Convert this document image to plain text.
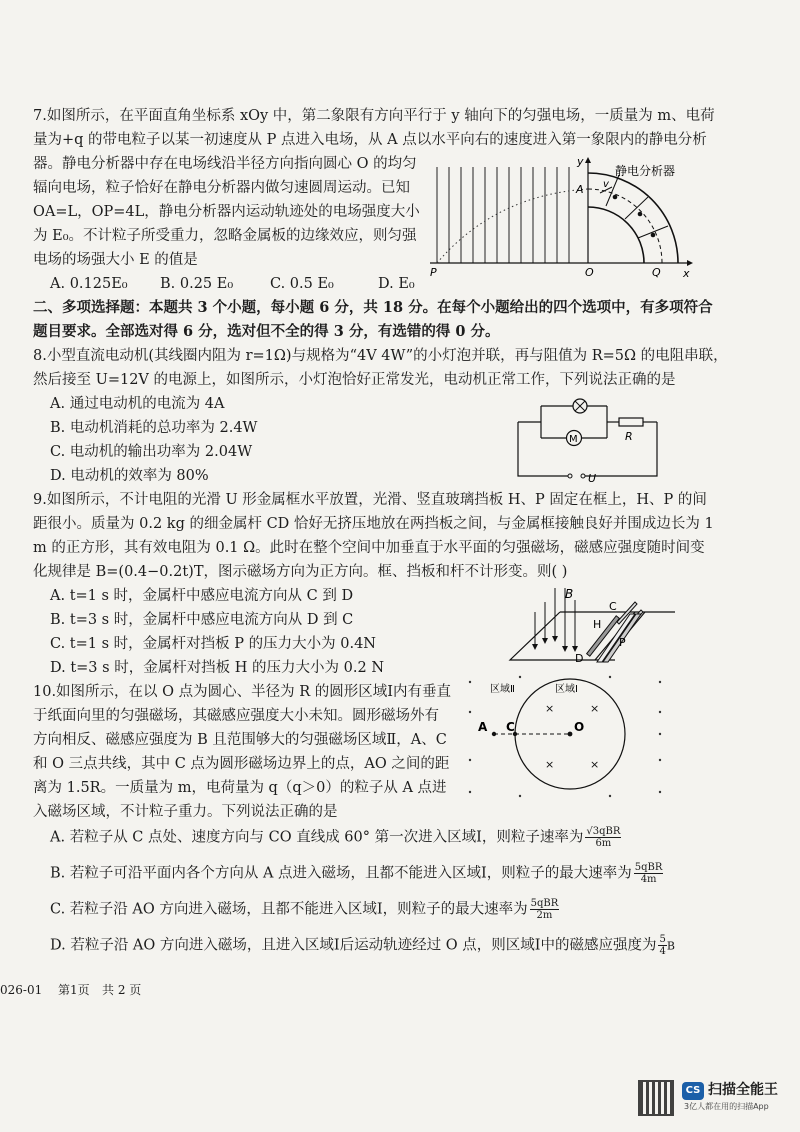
7.如图所示，在平面直角坐标系 xOy 中，第二象限有方向平行于 y 轴向下的匀强电场，一质量为 m、电荷
量为+q 的带电粒子以某一初速度从 P 点进入电场，从 A 点以水平向右的速度进入第一象限内的静电分析
器。静电分析器中存在电场线沿半径方向指向圆心 O 的均匀
辐向电场，粒子恰好在静电分析器内做匀速圆周运动。已知
OA=L，OP=4L，静电分析器内运动轨迹处的电场强度大小
为 E₀。不计粒子所受重力，忽略金属板的边缘效应，则匀强
电场的场强大小 E 的值是
A. 0.125E₀ B. 0.25 E₀	C. 0.5 E₀	D. E₀
v
静电分析器
y
A
x
P	O	Q
二、多项选择题：本题共 3 个小题，每小题 6 分，共 18 分。在每个小题给出的四个选项中，有多项符合
题目要求。全部选对得 6 分，选对但不全的得 3 分，有选错的得 0 分。
8.小型直流电动机(其线圈内阻为 r=1Ω)与规格为“4V 4W”的小灯泡并联，再与阻值为 R=5Ω 的电阻串联，
然后接至 U=12V 的电源上，如图所示，小灯泡恰好正常发光，电动机正常工作，下列说法正确的是
A. 通过电动机的电流为 4A
B. 电动机消耗的总功率为 2.4W
C. 电动机的输出功率为 2.04W
D. 电动机的效率为 80%
M	R
U
9.如图所示，不计电阻的光滑 U 形金属框水平放置，光滑、竖直玻璃挡板 H、P 固定在框上，H、P 的间
距很小。质量为 0.2 kg 的细金属杆 CD 恰好无挤压地放在两挡板之间，与金属框接触良好并围成边长为 1
m 的正方形，其有效电阻为 0.1 Ω。此时在整个空间中加垂直于水平面的匀强磁场，磁感应强度随时间变
化规律是 B=(0.4−0.2t)T，图示磁场方向为正方向。框、挡板和杆不计形变。则( )
A. t=1 s 时，金属杆中感应电流方向从 C 到 D
B. t=3 s 时，金属杆中感应电流方向从 D 到 C
C. t=1 s 时，金属杆对挡板 P 的压力大小为 0.4N
D. t=3 s 时，金属杆对挡板 H 的压力大小为 0.2 N
B
C
H
P
D
10.如图所示，在以 O 点为圆心、半径为 R 的圆形区域Ⅰ内有垂直
于纸面向里的匀强磁场，其磁感应强度大小未知。圆形磁场外有
方向相反、磁感应强度为 B 且范围够大的匀强磁场区域Ⅱ，A、C
和 O 三点共线，其中 C 点为圆形磁场边界上的点，AO 之间的距
离为 1.5R。一质量为 m，电荷量为 q（q＞0）的粒子从 A 点进
入磁场区域，不计粒子重力。下列说法正确的是
×	×
×	×
区域Ⅱ	区域Ⅰ
A C	O
A. 若粒子从 C 点处、速度方向与 CO 直线成 60° 第一次进入区域Ⅰ，则粒子速率为 $\frac{\text{√3qBR}}{6m}$
B. 若粒子可沿平面内各个方向从 A 点进入磁场，且都不能进入区域Ⅰ，则粒子的最大速率为 $\frac{\text{5qBR}}{4m}$
C. 若粒子沿 AO 方向进入磁场，且都不能进入区域Ⅰ，则粒子的最大速率为 $\frac{\text{5qBR}}{2m}$
D. 若粒子沿 AO 方向进入磁场，且进入区域Ⅰ后运动轨迹经过 O 点，则区域Ⅰ中的磁感应强度为 $\frac{5}{4}$ B
026-01 第1页 共 2 页
CS 扫描全能王
3亿人都在用的扫描App
